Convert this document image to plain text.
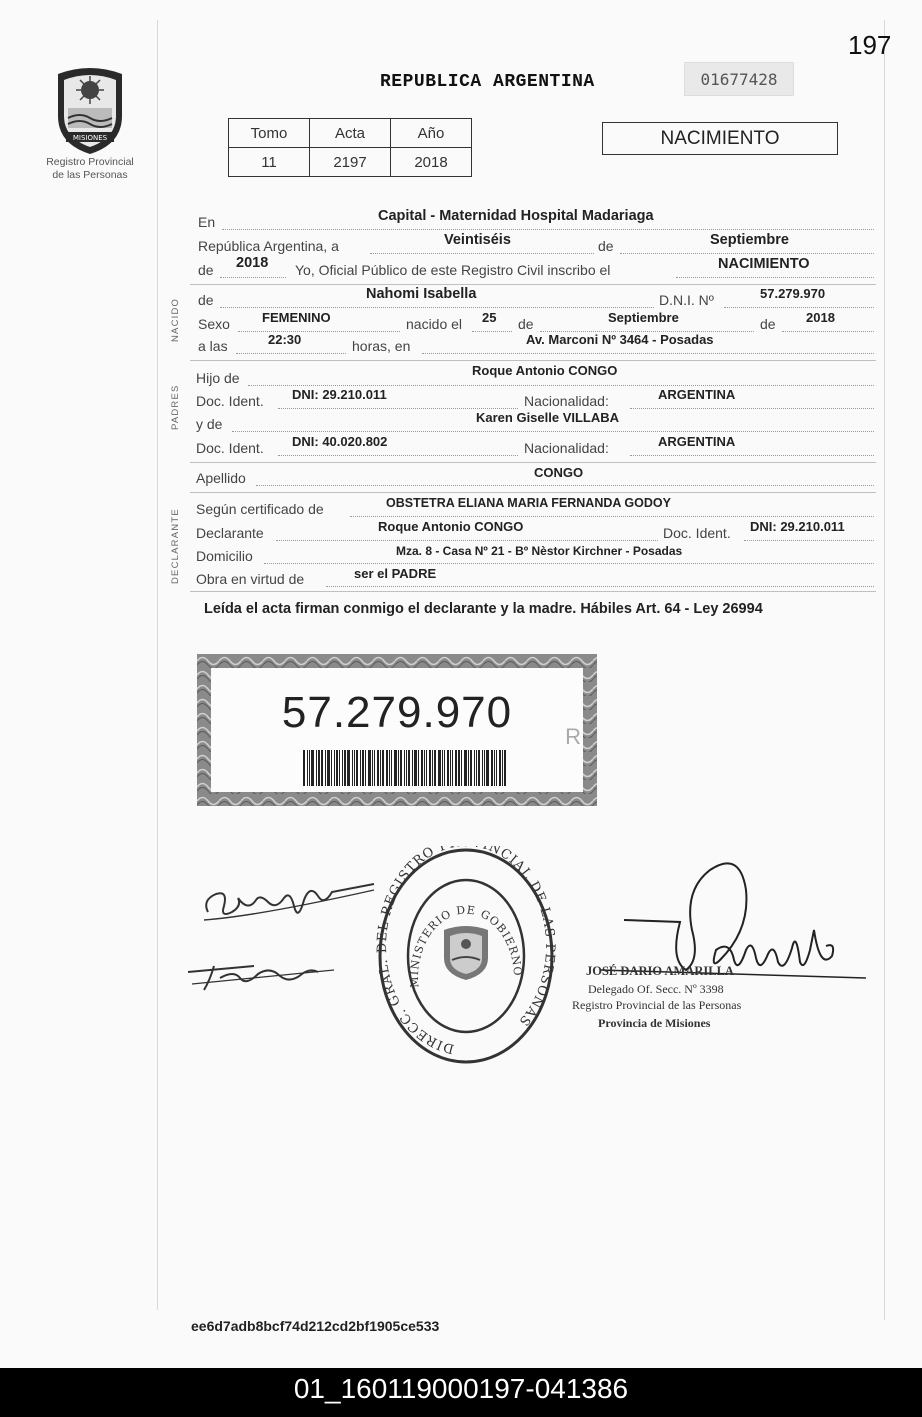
197
MISIONES
Registro Provincial
de las Personas
REPUBLICA ARGENTINA	01677428
Tomo	Acta	Año
11	2197	2018
NACIMIENTO
En	Capital - Maternidad Hospital Madariaga
República Argentina, a	Veintiséis	de	Septiembre
de 2018 Yo, Oficial Público de este Registro Civil inscribo el	NACIMIENTO
NACIDO de	Nahomi Isabella	D.N.I. Nº	57.279.970
Sexo FEMENINO	nacido el 25 de	Septiembre	de 2018
a las	22:30	horas, en	Av. Marconi Nº 3464 - Posadas
PADRES
Hijo de	Roque Antonio CONGO
Doc. Ident. DNI: 29.210.011	Nacionalidad:	ARGENTINA
y de	Karen Giselle VILLABA
Doc. Ident. DNI: 40.020.802	Nacionalidad:	ARGENTINA
Apellido	CONGO
DECLARANTE Según certificado de	OBSTETRA ELIANA MARIA FERNANDA GODOY
Declarante	Roque Antonio CONGO	Doc. Ident. DNI: 29.210.011
Domicilio	Mza. 8 - Casa Nº 21 - Bº Nèstor Kirchner - Posadas
Obra en virtud de	ser el PADRE
Leída el acta firman conmigo el declarante y la madre. Hábiles Art. 64 - Ley 26994
57.279.970	R
DIRECC. GRAL. DEL REGISTRO P NCIAL DE LAS PERSONAS
MINISTERIO DE GOBIERNO	JOSÉ DARIO AMARILLA
Delegado Of. Secc. Nº 3398
Registro Provincial de las Personas
Provincia de Misiones
ee6d7adb8bcf74d212cd2bf1905ce533
01_160119000197-041386
